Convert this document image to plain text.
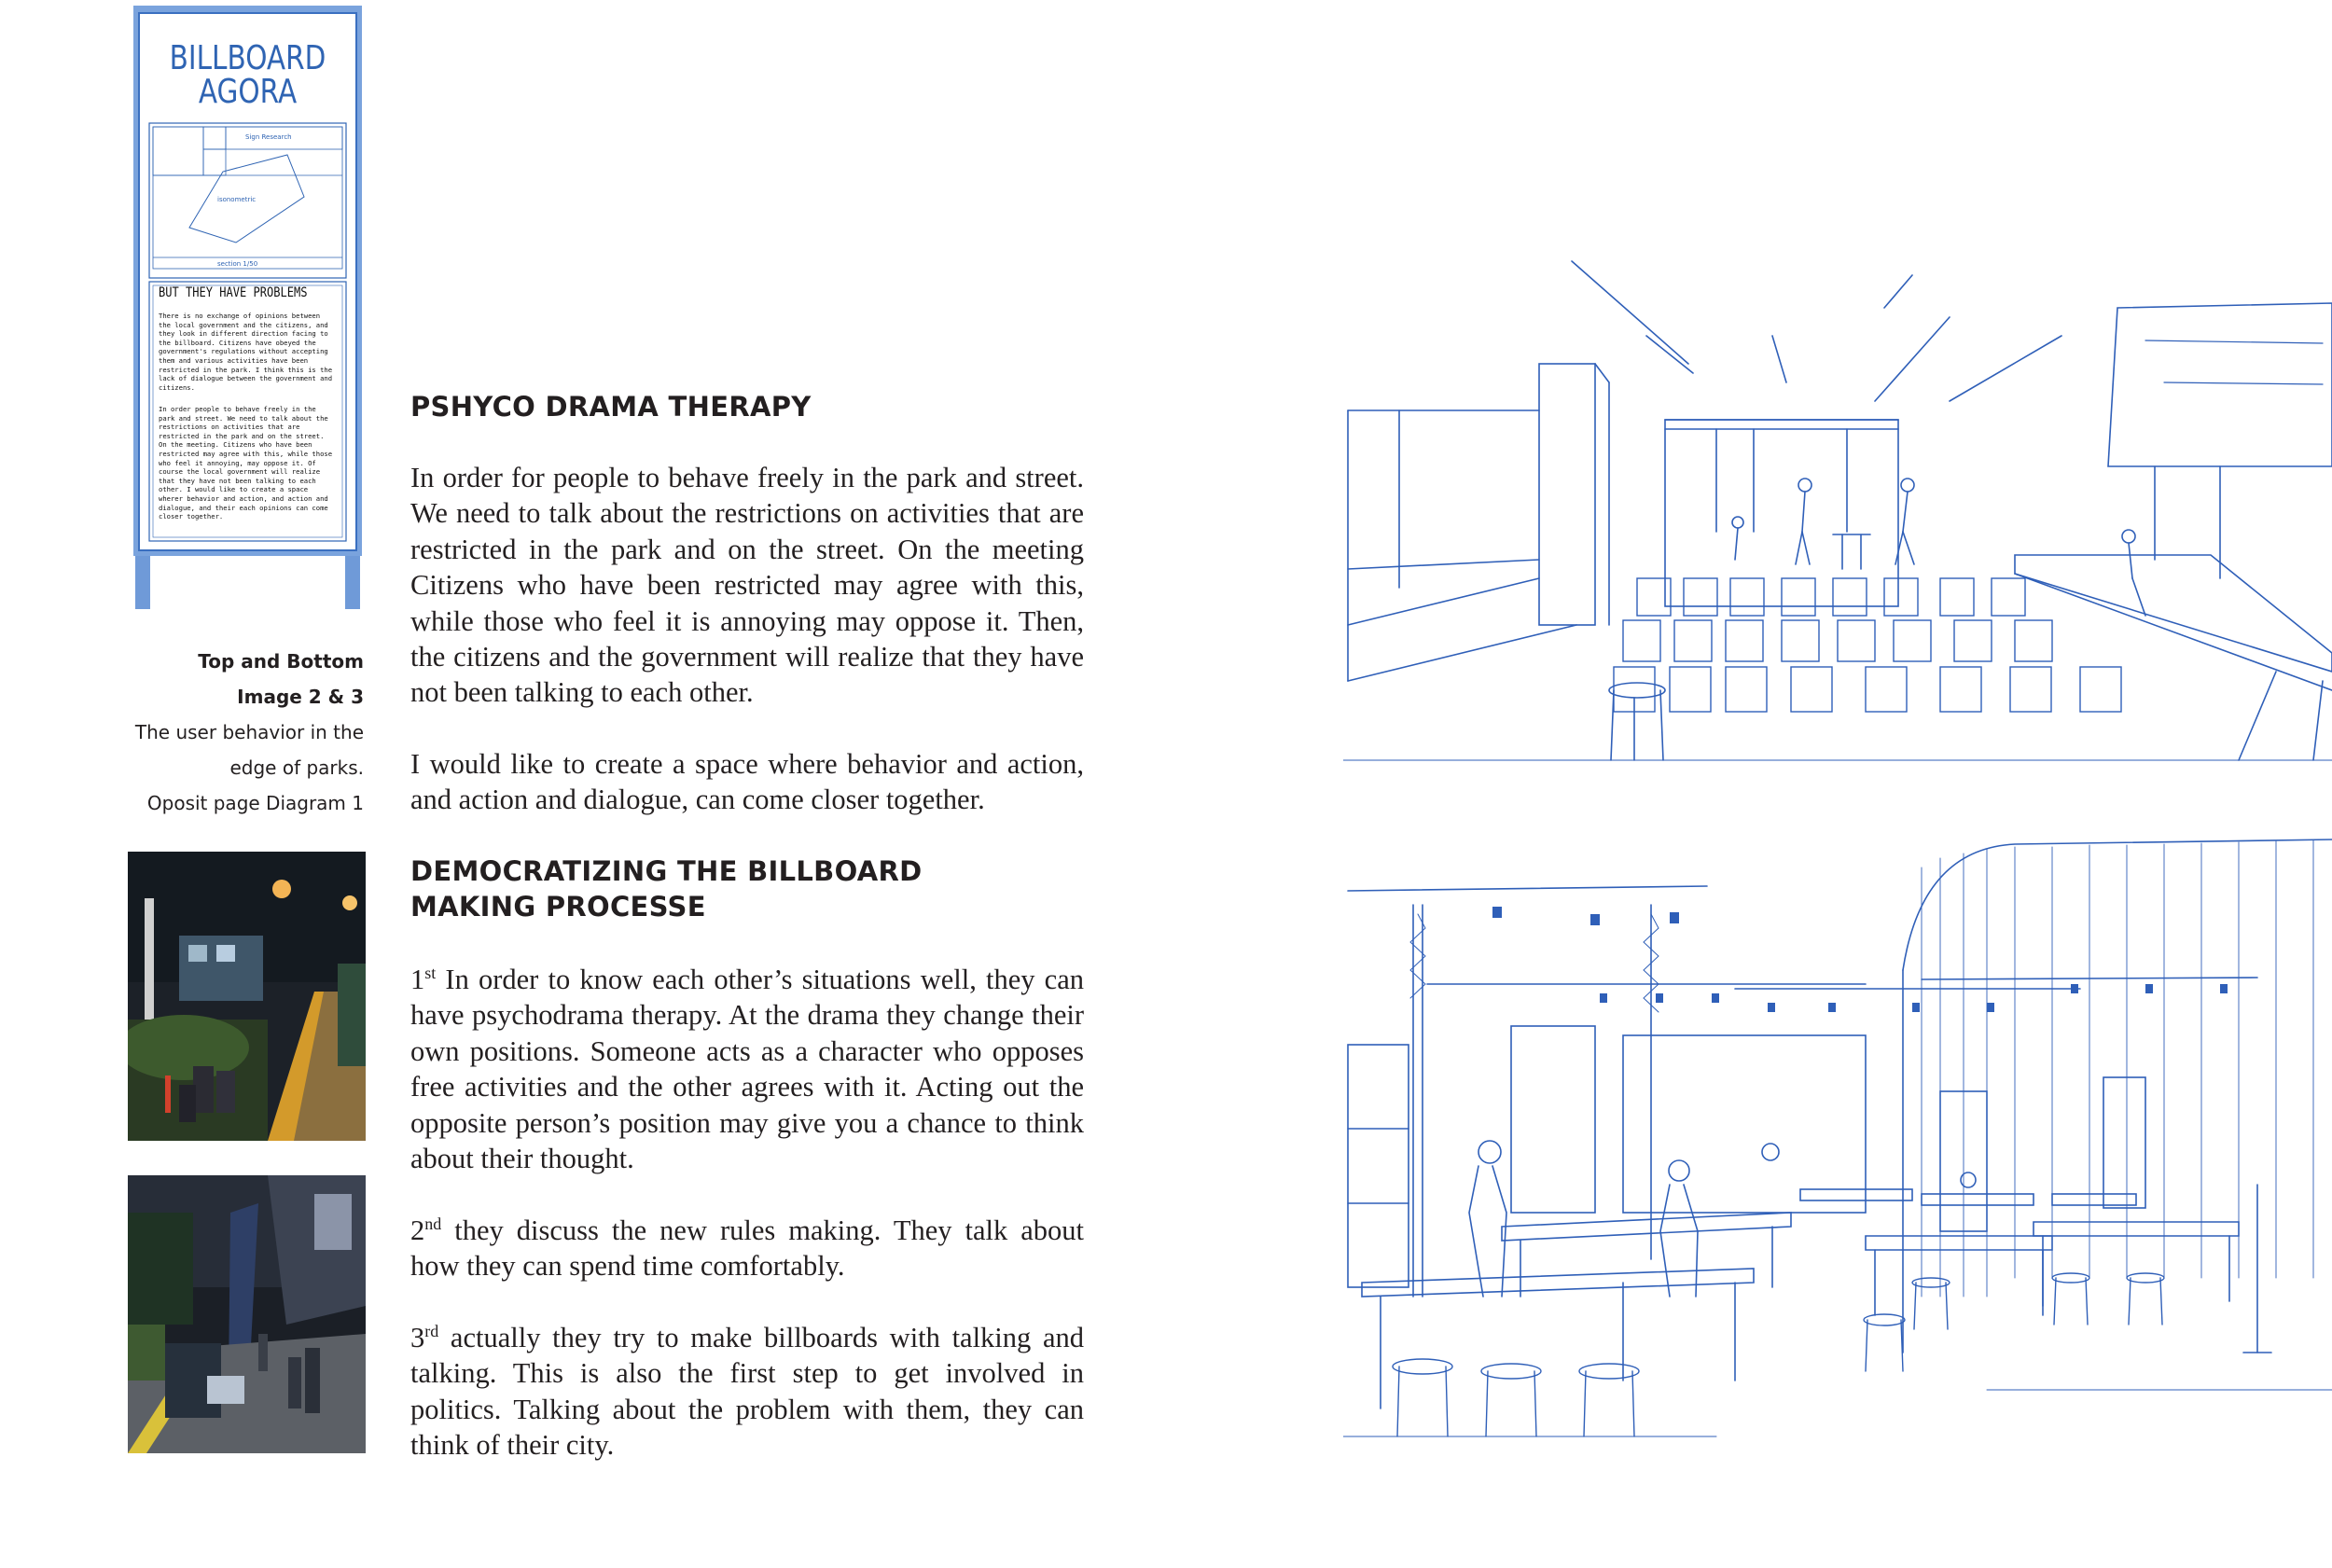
BILLBOARD
AGORA
Sign Research
isonometric
section 1/50
BUT THEY HAVE PROBLEMS

There is no exchange of opinions between the local government and the citizens, and they look in different direction facing to the billboard. Citizens have obeyed the government's regulations without accepting them and various activities have been restricted in the park. I think this is the lack of dialogue between the government and citizens.

In order people to behave freely in the park and street. We need to talk about the restrictions on activities that are restricted in the park and on the street. On the meeting. Citizens who have been restricted may agree with this, while those who feel it annoying, may oppose it. Of course the local government will realize that they have not been talking to each other. I would like to create a space wherer behavior and action, and action and dialogue, and their each opinions can come closer together.

Top and Bottom
Image 2 & 3
The user behavior in the
edge of parks.
Oposit page Diagram 1
PSHYCO DRAMA THERAPY

In order for people to behave freely in the park and street. We need to talk about the restrictions on activities that are restricted in the park and on the street. On the meeting Citizens who have been restricted may agree with this, while those who feel it is annoying may oppose it. Then, the citizens and the government will realize that they have not been talking to each other.

I would like to create a space where behavior and action, and action and dialogue, can come closer together.

DEMOCRATIZING THE BILLBOARD
MAKING PROCESSE

1st In order to know each other’s situations well, they can have psychodrama therapy. At the drama they change their own positions. Someone acts as a character who opposes free activities and the other agrees with it. Acting out the opposite person’s position may give you a chance to think about their thought.

2nd they discuss the new rules making. They talk about how they can spend time comfortably.

3rd actually they try to make billboards with talking and talking. This is also the first step to get involved in politics. Talking about the problem with them, they can think of their city.
